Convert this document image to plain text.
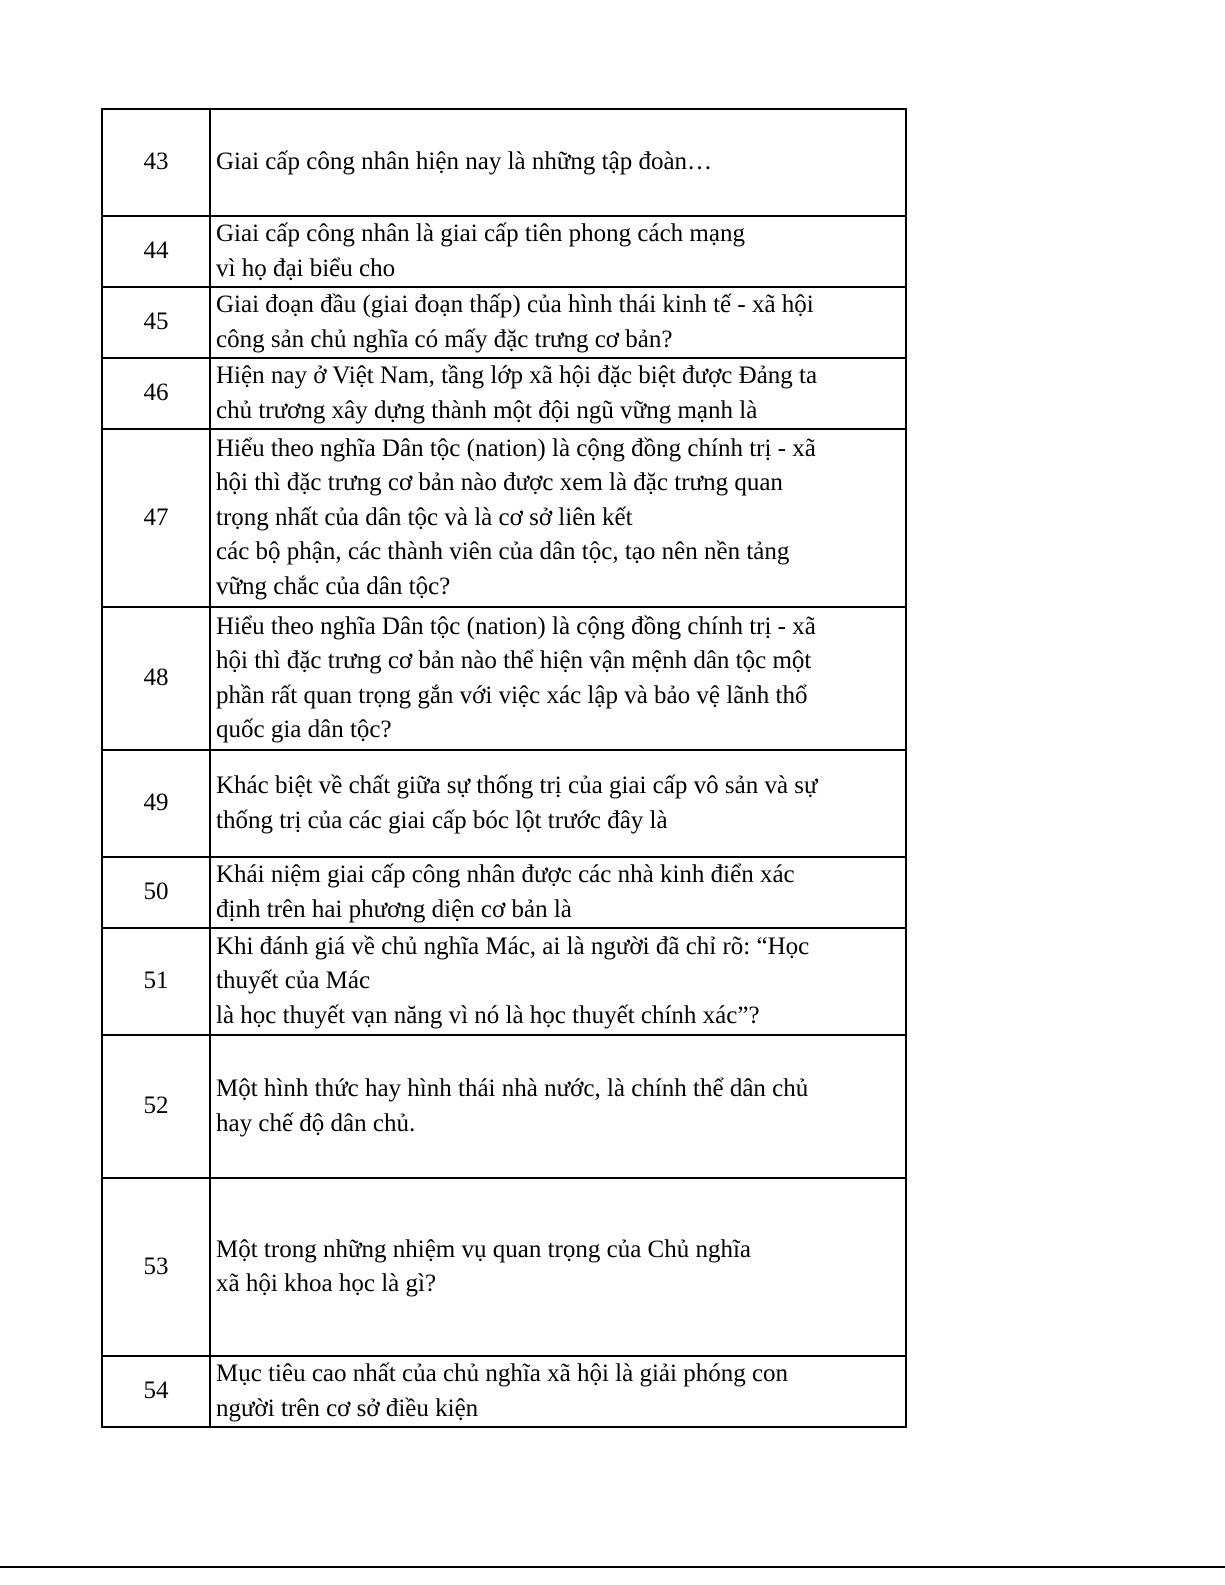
43	Giai cấp công nhân hiện nay là những tập đoàn…
44	Giai cấp công nhân là giai cấp tiên phong cách mạng
vì họ đại biểu cho
45	Giai đoạn đầu (giai đoạn thấp) của hình thái kinh tế - xã hội
công sản chủ nghĩa có mấy đặc trưng cơ bản?
46	Hiện nay ở Việt Nam, tầng lớp xã hội đặc biệt được Đảng ta
chủ trương xây dựng thành một đội ngũ vững mạnh là
47	Hiểu theo nghĩa Dân tộc (nation) là cộng đồng chính trị - xã
hội thì đặc trưng cơ bản nào được xem là đặc trưng quan
trọng nhất của dân tộc và là cơ sở liên kết
các bộ phận, các thành viên của dân tộc, tạo nên nền tảng
vững chắc của dân tộc?
48	Hiểu theo nghĩa Dân tộc (nation) là cộng đồng chính trị - xã
hội thì đặc trưng cơ bản nào thể hiện vận mệnh dân tộc một
phần rất quan trọng gắn với việc xác lập và bảo vệ lãnh thổ
quốc gia dân tộc?
49	Khác biệt về chất giữa sự thống trị của giai cấp vô sản và sự
thống trị của các giai cấp bóc lột trước đây là
50	Khái niệm giai cấp công nhân được các nhà kinh điển xác
định trên hai phương diện cơ bản là
51	Khi đánh giá về chủ nghĩa Mác, ai là người đã chỉ rõ: “Học
thuyết của Mác
là học thuyết vạn năng vì nó là học thuyết chính xác”?
52	Một hình thức hay hình thái nhà nước, là chính thể dân chủ
hay chế độ dân chủ.
53	Một trong những nhiệm vụ quan trọng của Chủ nghĩa
xã hội khoa học là gì?
54	Mục tiêu cao nhất của chủ nghĩa xã hội là giải phóng con
người trên cơ sở điều kiện
